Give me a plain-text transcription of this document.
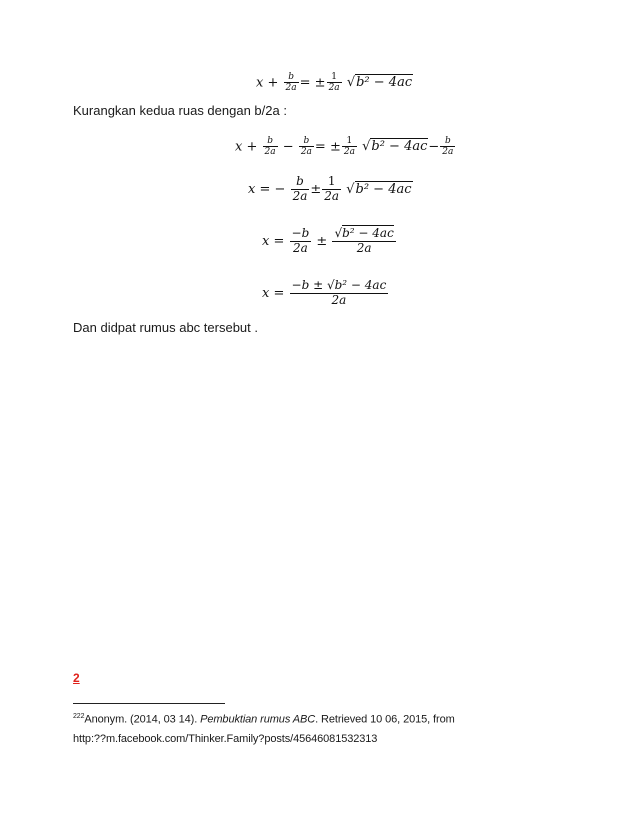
$x + \frac{b}{2a}$ = ± $\frac{1}{2a} √b^2 - 4ac$
Kurangkan kedua ruas dengan b/2a :
$x + \frac{b}{2a} - \frac{b}{2a}$ = ± $\frac{1}{2a} √b^2 - 4ac- \frac{b}{2a}$
x = − $\frac{b}{2a} \pm \frac{1}{2a} √b^2 - 4ac$
$x = \frac{-b}{2a} \pm \frac{\text{√b² − 4ac}}{2a}$
$x = \frac{\text{−b ± √b² − 4ac}}{2a}$
Dan didpat rumus abc tersebut .
2
$^{222}$Anonym. (2014, 03 14). Pembuktian rumus ABC. Retrieved 10 06, 2015, from
http:??m.facebook.com/Thinker.Family?posts/45646081532313
